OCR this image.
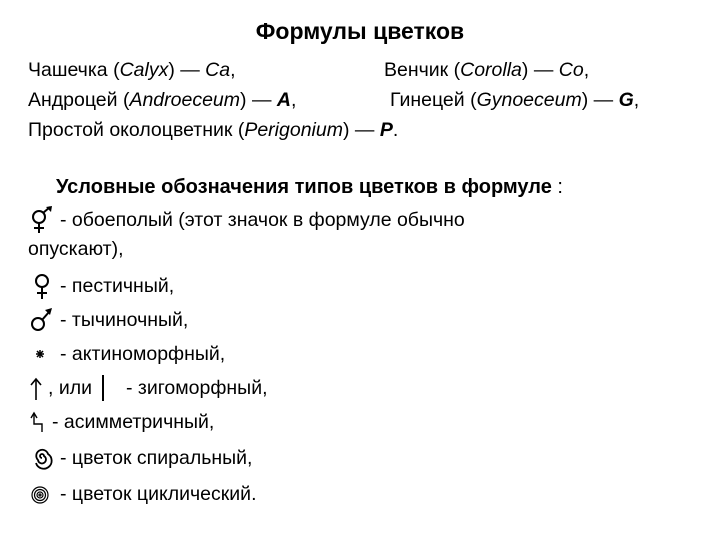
Формулы цветков
Чашечка (Calyx) — Ca,	Венчик (Corolla) — Co,
Андроцей (Androeceum) — A,	Гинецей (Gynoeceum) — G,
Простой околоцветник (Perigonium) — P.
Условные обозначения типов цветков в формуле :
- обоеполый (этот значок в формуле обычно
опускают),
- пестичный,
- тычиночный,
- актиноморфный,
, или - зигоморфный,
- асимметричный,
- цветок спиральный,
- цветок циклический.
